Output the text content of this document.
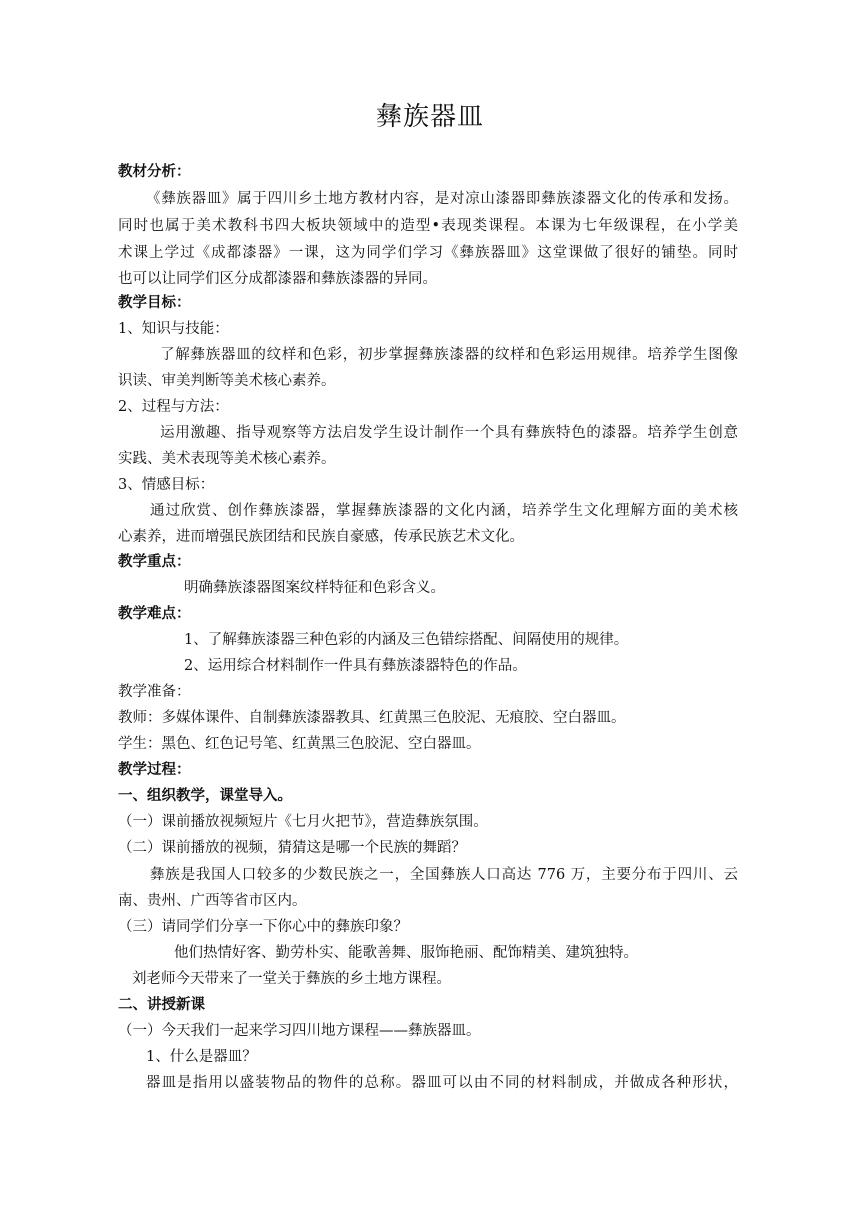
彝族器皿
教材分析：
《彝族器皿》属于四川乡土地方教材内容，是对凉山漆器即彝族漆器文化的传承和发扬。
同时也属于美术教科书四大板块领域中的造型•表现类课程。本课为七年级课程，在小学美
术课上学过《成都漆器》一课，这为同学们学习《彝族器皿》这堂课做了很好的铺垫。同时
也可以让同学们区分成都漆器和彝族漆器的异同。
教学目标：
1、知识与技能：
了解彝族器皿的纹样和色彩，初步掌握彝族漆器的纹样和色彩运用规律。培养学生图像
识读、审美判断等美术核心素养。
2、过程与方法：
运用激趣、指导观察等方法启发学生设计制作一个具有彝族特色的漆器。培养学生创意
实践、美术表现等美术核心素养。
3、情感目标：
通过欣赏、创作彝族漆器，掌握彝族漆器的文化内涵，培养学生文化理解方面的美术核
心素养，进而增强民族团结和民族自豪感，传承民族艺术文化。
教学重点：
明确彝族漆器图案纹样特征和色彩含义。
教学难点：
1、了解彝族漆器三种色彩的内涵及三色错综搭配、间隔使用的规律。
2、运用综合材料制作一件具有彝族漆器特色的作品。
教学准备：
教师：多媒体课件、自制彝族漆器教具、红黄黑三色胶泥、无痕胶、空白器皿。
学生：黑色、红色记号笔、红黄黑三色胶泥、空白器皿。
教学过程：
一、组织教学，课堂导入。
（一）课前播放视频短片《七月火把节》，营造彝族氛围。
（二）课前播放的视频，猜猜这是哪一个民族的舞蹈？
彝族是我国人口较多的少数民族之一，全国彝族人口高达 776 万，主要分布于四川、云
南、贵州、广西等省市区内。
（三）请同学们分享一下你心中的彝族印象？
他们热情好客、勤劳朴实、能歌善舞、服饰艳丽、配饰精美、建筑独特。
刘老师今天带来了一堂关于彝族的乡土地方课程。
二、讲授新课
（一）今天我们一起来学习四川地方课程——彝族器皿。
1、什么是器皿？
器皿是指用以盛装物品的物件的总称。器皿可以由不同的材料制成，并做成各种形状，
